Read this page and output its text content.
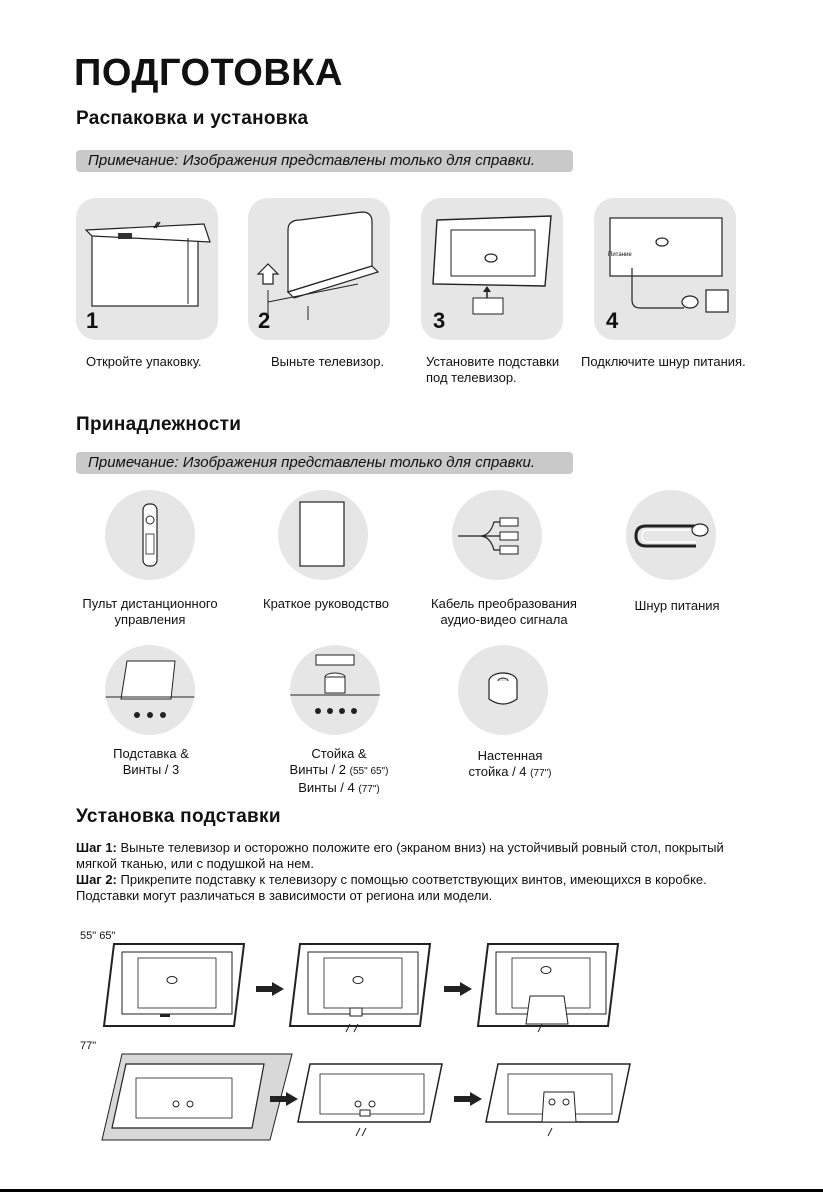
ПОДГОТОВКА
Распаковка и установка
Примечание: Изображения представлены только для справки.
1	2	3
Питание
4
Откройте упаковку.	Выньте телевизор.	Установите подставки
под телевизор.
Подключите шнур питания.
Принадлежности
Примечание: Изображения представлены только для справки.
Пульт дистанционного
управления
Краткое руководство	Кабель преобразования
аудио-видео сигнала
Шнур питания
Подставка &
Винты / 3
Стойка &
Винты / 2 (55" 65")
Винты / 4 (77")
Настенная
стойка / 4 (77")
Установка подставки
Шаг 1: Выньте телевизор и осторожно положите его (экраном вниз) на устойчивый ровный стол, покрытый мягкой тканью, или с подушкой на нем.
Шаг 2: Прикрепите подставку к телевизору с помощью соответствующих винтов, имеющихся в коробке. Подставки могут различаться в зависимости от региона или модели.
55" 65"
77"
